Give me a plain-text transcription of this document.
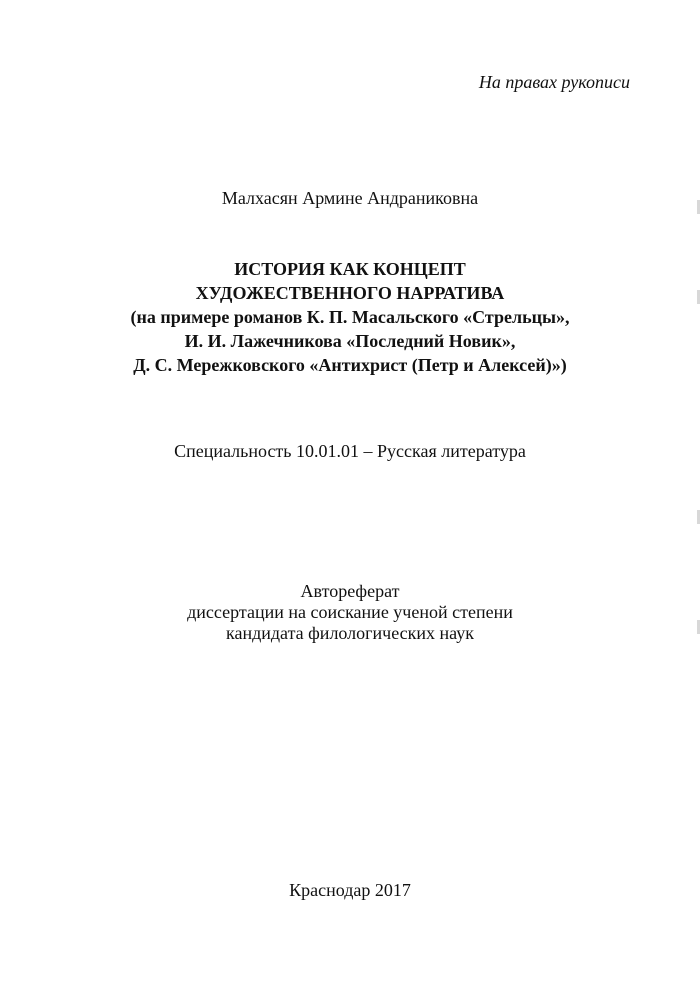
На правах рукописи
Малхасян Армине Андраниковна
ИСТОРИЯ КАК КОНЦЕПТ
ХУДОЖЕСТВЕННОГО НАРРАТИВА
(на примере романов К. П. Масальского «Стрельцы»,
И. И. Лажечникова «Последний Новик»,
Д. С. Мережковского «Антихрист (Петр и Алексей)»)
Специальность 10.01.01 – Русская литература
Автореферат
диссертации на соискание ученой степени
кандидата филологических наук
Краснодар 2017
